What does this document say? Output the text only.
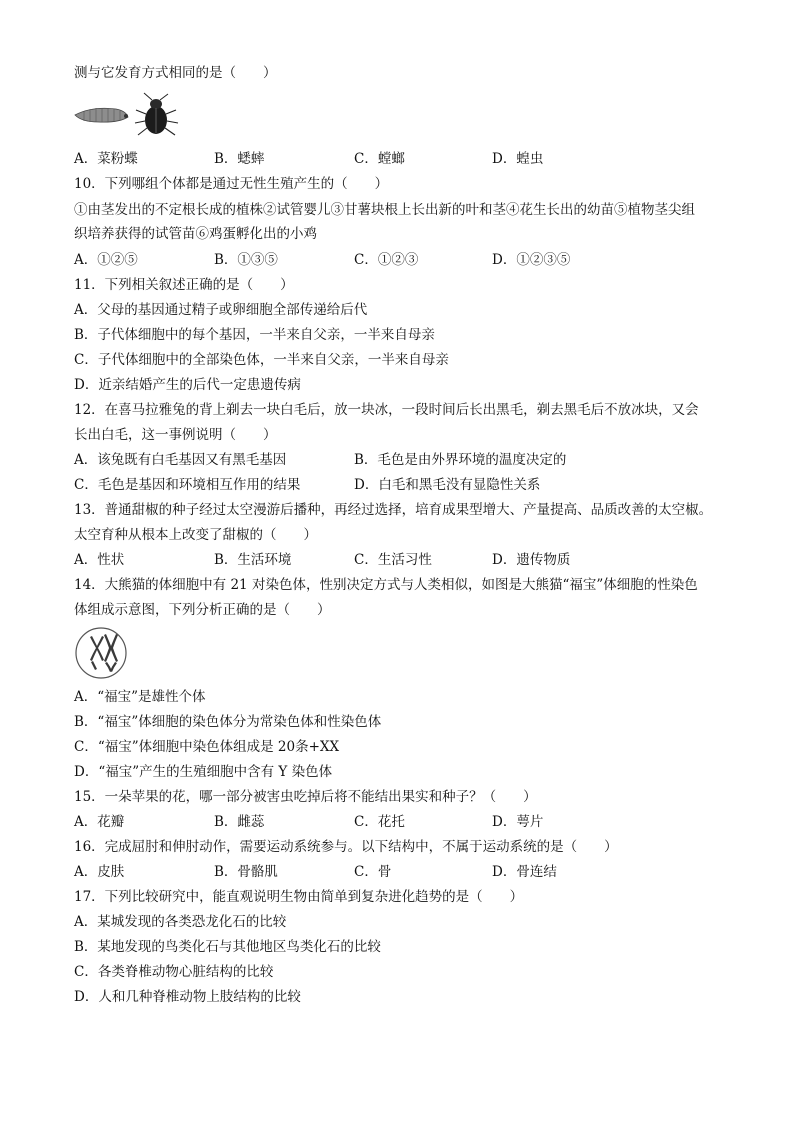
测与它发育方式相同的是（　　）
A．菜粉蝶	B．蟋蟀	C．螳螂	D．蝗虫
10．下列哪组个体都是通过无性生殖产生的（　　）
①由茎发出的不定根长成的植株②试管婴儿③甘薯块根上长出新的叶和茎④花生长出的幼苗⑤植物茎尖组
织培养获得的试管苗⑥鸡蛋孵化出的小鸡
A．①②⑤	B．①③⑤	C．①②③	D．①②③⑤
11．下列相关叙述正确的是（　　）
A．父母的基因通过精子或卵细胞全部传递给后代
B．子代体细胞中的每个基因，一半来自父亲，一半来自母亲
C．子代体细胞中的全部染色体，一半来自父亲，一半来自母亲
D．近亲结婚产生的后代一定患遗传病
12．在喜马拉雅兔的背上剃去一块白毛后，放一块冰，一段时间后长出黑毛，剃去黑毛后不放冰块，又会
长出白毛，这一事例说明（　　）
A．该兔既有白毛基因又有黑毛基因	B．毛色是由外界环境的温度决定的
C．毛色是基因和环境相互作用的结果	D．白毛和黑毛没有显隐性关系
13．普通甜椒的种子经过太空漫游后播种，再经过选择，培育成果型增大、产量提高、品质改善的太空椒。
太空育种从根本上改变了甜椒的（　　）
A．性状	B．生活环境	C．生活习性	D．遗传物质
14．大熊猫的体细胞中有 21 对染色体，性别决定方式与人类相似，如图是大熊猫“福宝”体细胞的性染色
体组成示意图，下列分析正确的是（　　）
A．“福宝”是雄性个体
B．“福宝”体细胞的染色体分为常染色体和性染色体
C．“福宝”体细胞中染色体组成是 20条+XX
D．“福宝”产生的生殖细胞中含有 Y 染色体
15．一朵苹果的花，哪一部分被害虫吃掉后将不能结出果实和种子？（　　）
A．花瓣	B．雌蕊	C．花托	D．萼片
16．完成屈肘和伸肘动作，需要运动系统参与。以下结构中，不属于运动系统的是（　　）
A．皮肤	B．骨骼肌	C．骨	D．骨连结
17．下列比较研究中，能直观说明生物由简单到复杂进化趋势的是（　　）
A．某城发现的各类恐龙化石的比较
B．某地发现的鸟类化石与其他地区鸟类化石的比较
C．各类脊椎动物心脏结构的比较
D．人和几种脊椎动物上肢结构的比较
